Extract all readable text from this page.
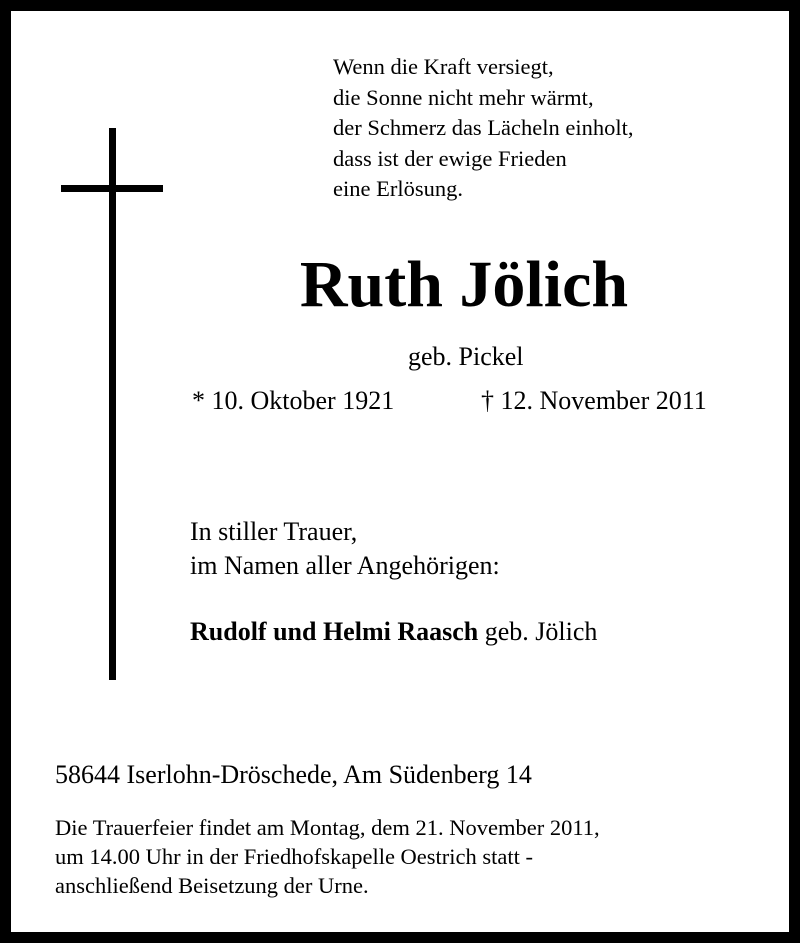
Wenn die Kraft versiegt,
die Sonne nicht mehr wärmt,
der Schmerz das Lächeln einholt,
dass ist der ewige Frieden
eine Erlösung.
Ruth Jölich
geb. Pickel
* 10. Oktober 1921	† 12. November 2011
In stiller Trauer,
im Namen aller Angehörigen:
Rudolf und Helmi Raasch geb. Jölich
58644 Iserlohn-Dröschede, Am Südenberg 14
Die Trauerfeier findet am Montag, dem 21. November 2011,
um 14.00 Uhr in der Friedhofskapelle Oestrich statt -
anschließend Beisetzung der Urne.
